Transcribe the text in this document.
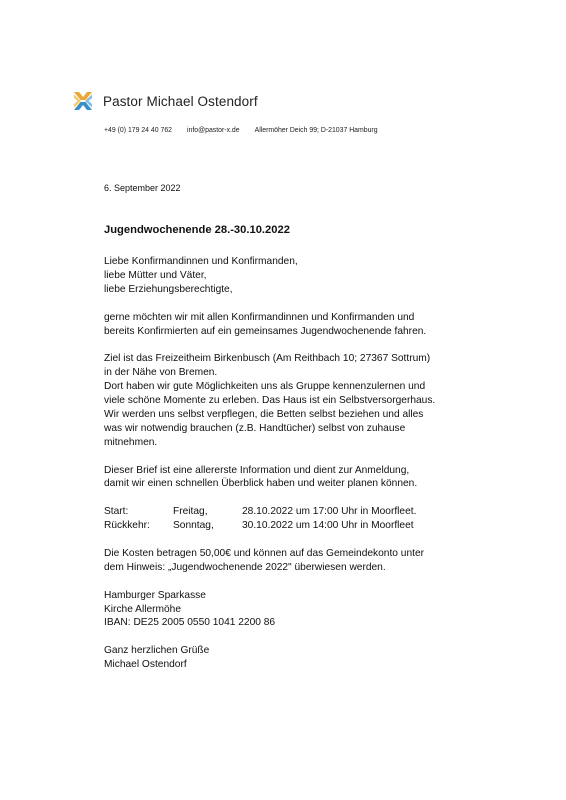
Pastor Michael Ostendorf
+49 (0) 179 24 40 762 info@pastor-x.de Allermöher Deich 99; D-21037 Hamburg
6. September 2022
Jugendwochenende 28.-30.10.2022

Liebe Konfirmandinnen und Konfirmanden,
liebe Mütter und Väter,
liebe Erziehungsberechtigte,

gerne möchten wir mit allen Konfirmandinnen und Konfirmanden und
bereits Konfirmierten auf ein gemeinsames Jugendwochenende fahren.

Ziel ist das Freizeitheim Birkenbusch (Am Reithbach 10; 27367 Sottrum)
in der Nähe von Bremen.
Dort haben wir gute Möglichkeiten uns als Gruppe kennenzulernen und
viele schöne Momente zu erleben. Das Haus ist ein Selbstversorgerhaus.
Wir werden uns selbst verpflegen, die Betten selbst beziehen und alles
was wir notwendig brauchen (z.B. Handtücher) selbst von zuhause
mitnehmen.

Dieser Brief ist eine allererste Information und dient zur Anmeldung,
damit wir einen schnellen Überblick haben und weiter planen können.

Start:	Freitag,	28.10.2022 um 17:00 Uhr in Moorfleet.
Rückkehr:	Sonntag,	30.10.2022 um 14:00 Uhr in Moorfleet

Die Kosten betragen 50,00€ und können auf das Gemeindekonto unter
dem Hinweis: „Jugendwochenende 2022" überwiesen werden.

Hamburger Sparkasse
Kirche Allermöhe
IBAN: DE25 2005 0550 1041 2200 86

Ganz herzlichen Grüße
Michael Ostendorf
